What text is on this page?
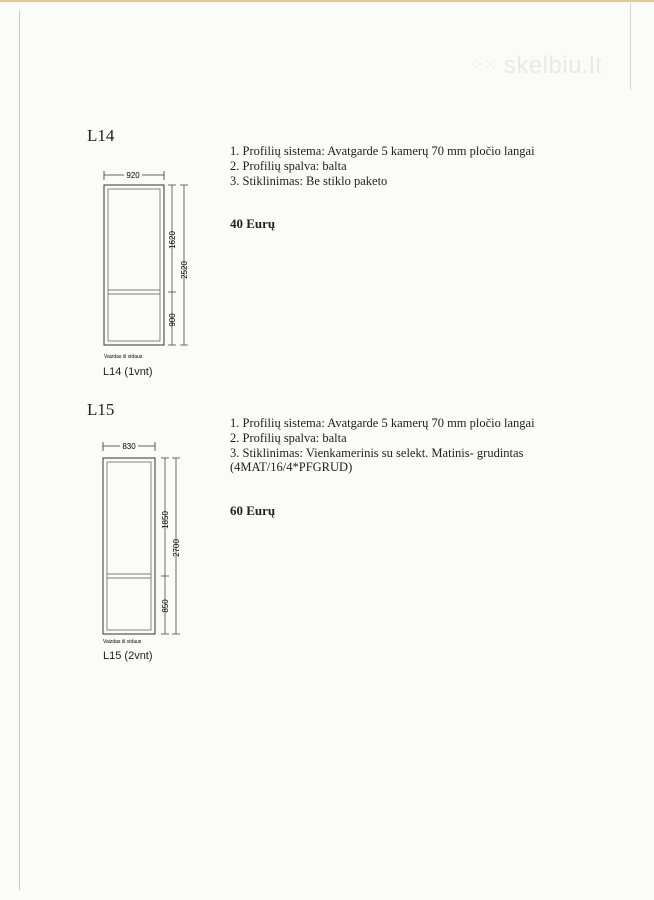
⁘⁙ skelbiu.lt
L14
1. Profilių sistema: Avatgarde 5 kamerų 70 mm pločio langai
2. Profilių spalva: balta
3. Stiklinimas: Be stiklo paketo
40 Eurų
920
1620
900
2520
Vaizdas iš vidaus
L14 (1vnt)
L15
1. Profilių sistema: Avatgarde 5 kamerų 70 mm pločio langai
2. Profilių spalva: balta
3. Stiklinimas: Vienkamerinis su selekt. Matinis- grudintas
(4MAT/16/4*PFGRUD)
60 Eurų
830
1850
850
2700
Vaizdas iš vidaus
L15 (2vnt)
